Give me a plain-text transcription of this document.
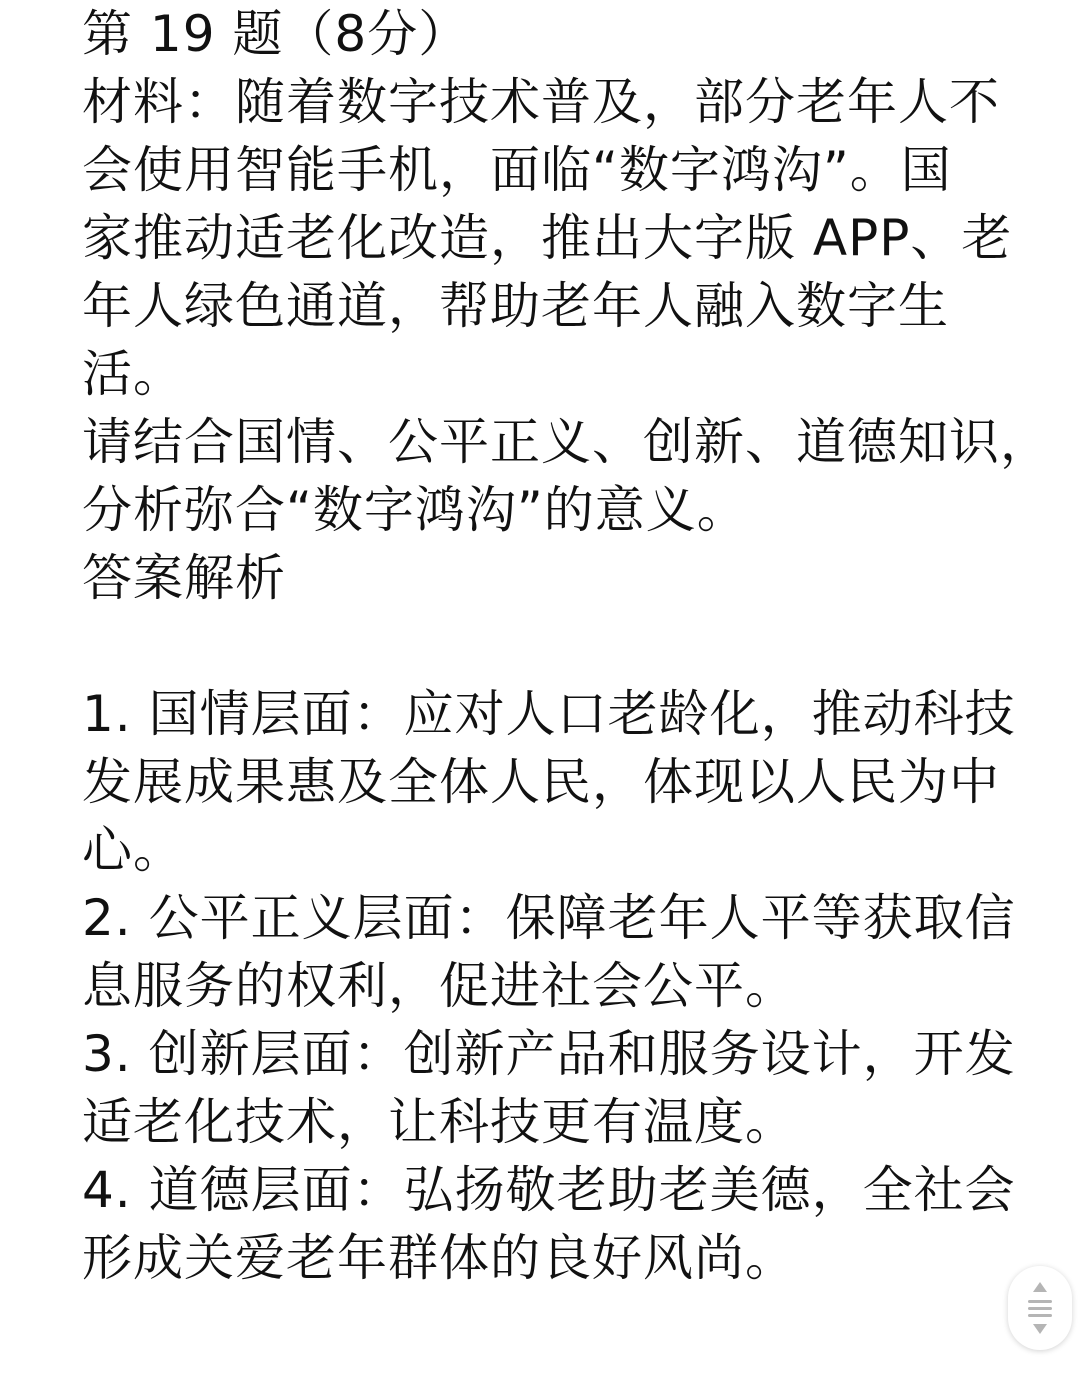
第 19 题（8分）
材料：随着数字技术普及，部分老年人不
会使用智能手机，面临“数字鸿沟”。国
家推动适老化改造，推出大字版 APP、老
年人绿色通道，帮助老年人融入数字生
活。
请结合国情、公平正义、创新、道德知识，
分析弥合“数字鸿沟”的意义。
答案解析
1. 国情层面：应对人口老龄化，推动科技
发展成果惠及全体人民，体现以人民为中
心。
2. 公平正义层面：保障老年人平等获取信
息服务的权利，促进社会公平。
3. 创新层面：创新产品和服务设计，开发
适老化技术，让科技更有温度。
4. 道德层面：弘扬敬老助老美德，全社会
形成关爱老年群体的良好风尚。
